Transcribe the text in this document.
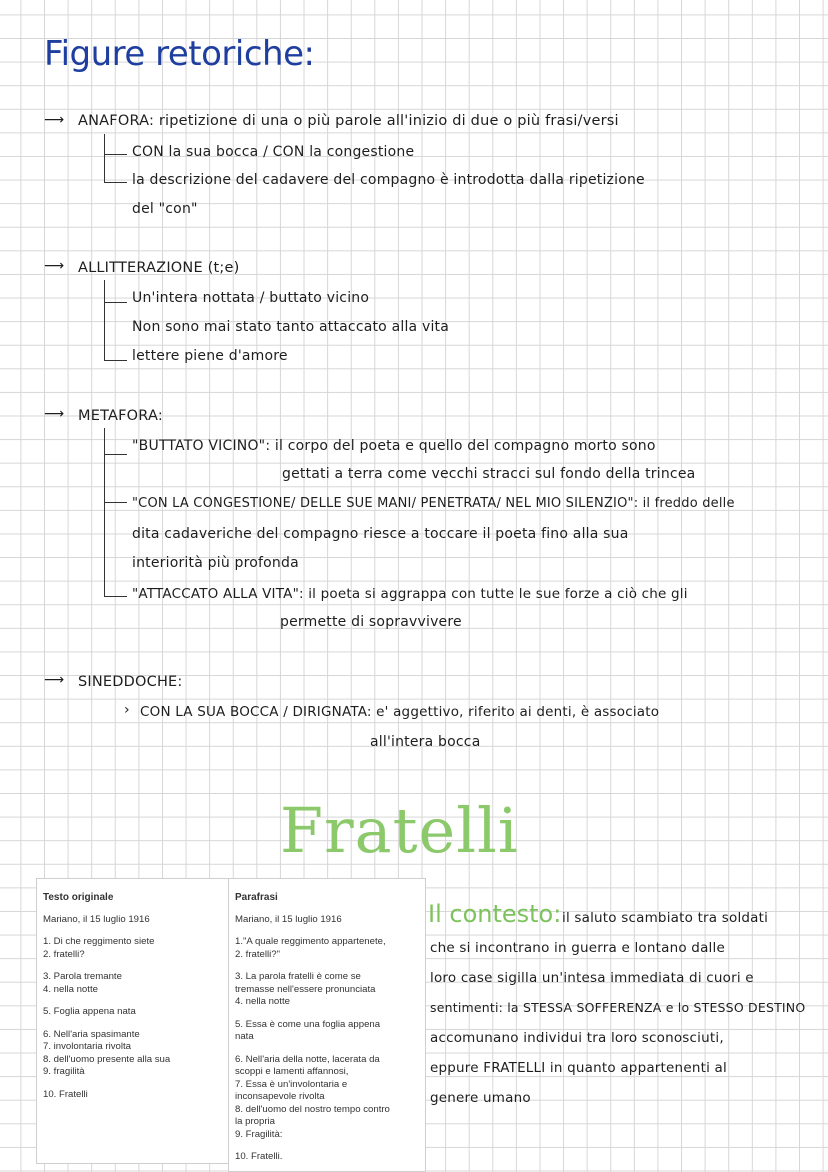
Figure retoriche:
⟶ ANAFORA: ripetizione di una o più parole all'inizio di due o più frasi/versi
CON la sua bocca / CON la congestione
la descrizione del cadavere del compagno è introdotta dalla ripetizione
del "con"
⟶ ALLITTERAZIONE (t;e)
Un'intera nottata / buttato vicino
Non sono mai stato tanto attaccato alla vita
lettere piene d'amore
⟶ METAFORA:
"BUTTATO VICINO": il corpo del poeta e quello del compagno morto sono
gettati a terra come vecchi stracci sul fondo della trincea
"CON LA CONGESTIONE/ DELLE SUE MANI/ PENETRATA/ NEL MIO SILENZIO": il freddo delle
dita cadaveriche del compagno riesce a toccare il poeta fino alla sua
interiorità più profonda
"ATTACCATO ALLA VITA": il poeta si aggrappa con tutte le sue forze a ciò che gli
permette di sopravvivere
⟶ SINEDDOCHE:
› CON LA SUA BOCCA / DIRIGNATA: e' aggettivo, riferito ai denti, è associato
all'intera bocca
Fratelli
Testo originale

Mariano, il 15 luglio 1916

1. Di che reggimento siete
2. fratelli?

3. Parola tremante
4. nella notte

5. Foglia appena nata

6. Nell'aria spasimante
7. involontaria rivolta
8. dell'uomo presente alla sua
9. fragilità

10. Fratelli

Parafrasi

Mariano, il 15 luglio 1916

1."A quale reggimento appartenete,
2. fratelli?"

3. La parola fratelli è come se
tremasse nell'essere pronunciata
4. nella notte

5. Essa è come una foglia appena
nata

6. Nell'aria della notte, lacerata da
scoppi e lamenti affannosi,
7. Essa è un'involontaria e
inconsapevole rivolta
8. dell'uomo del nostro tempo contro
la propria
9. Fragilità:

10. Fratelli.

Il contesto: il saluto scambiato tra soldati
che si incontrano in guerra e lontano dalle
loro case sigilla un'intesa immediata di cuori e
sentimenti: la STESSA SOFFERENZA e lo STESSO DESTINO
accomunano individui tra loro sconosciuti,
eppure FRATELLI in quanto appartenenti al
genere umano
